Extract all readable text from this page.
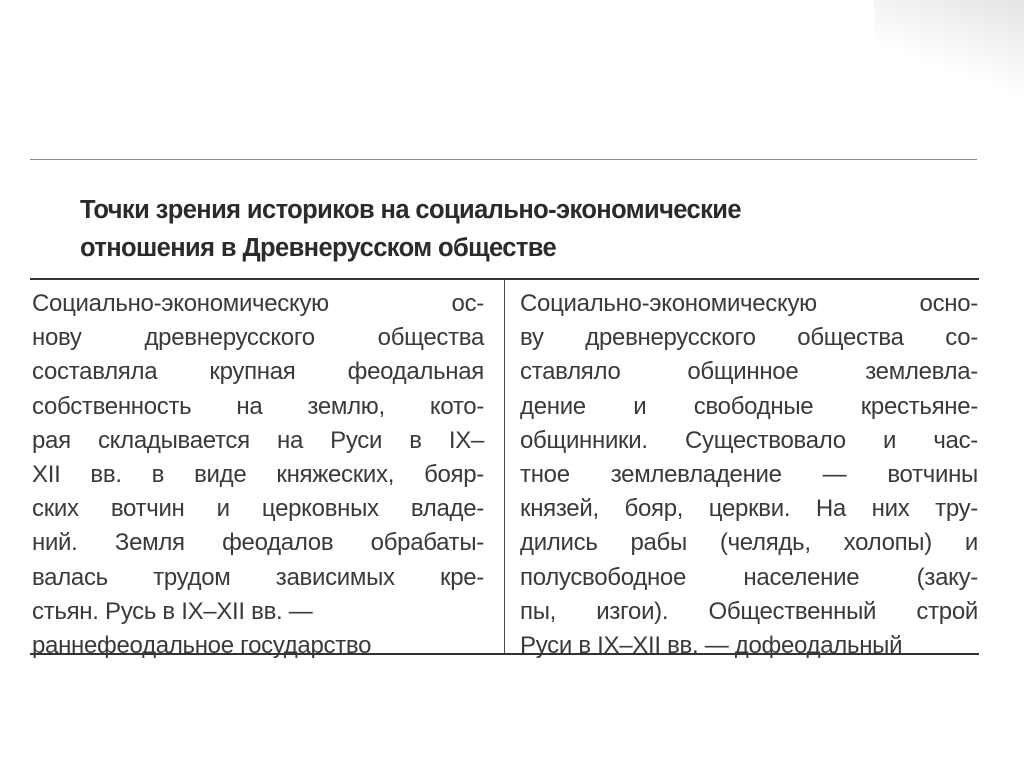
Точки зрения историков на социально-экономические
отношения в Древнерусском обществе
Социально-экономическую ос-
нову древнерусского общества
составляла крупная феодальная
собственность на землю, кото-
рая складывается на Руси в IX–
XII вв. в виде княжеских, бояр-
ских вотчин и церковных владе-
ний. Земля феодалов обрабаты-
валась трудом зависимых кре-
стьян. Русь в IX–XII вв. —
раннефеодальное государство
Социально-экономическую осно-
ву древнерусского общества со-
ставляло общинное землевла-
дение и свободные крестьяне-
общинники. Существовало и час-
тное землевладение — вотчины
князей, бояр, церкви. На них тру-
дились рабы (челядь, холопы) и
полусвободное население (заку-
пы, изгои). Общественный строй
Руси в IX–XII вв. — дофеодальный
